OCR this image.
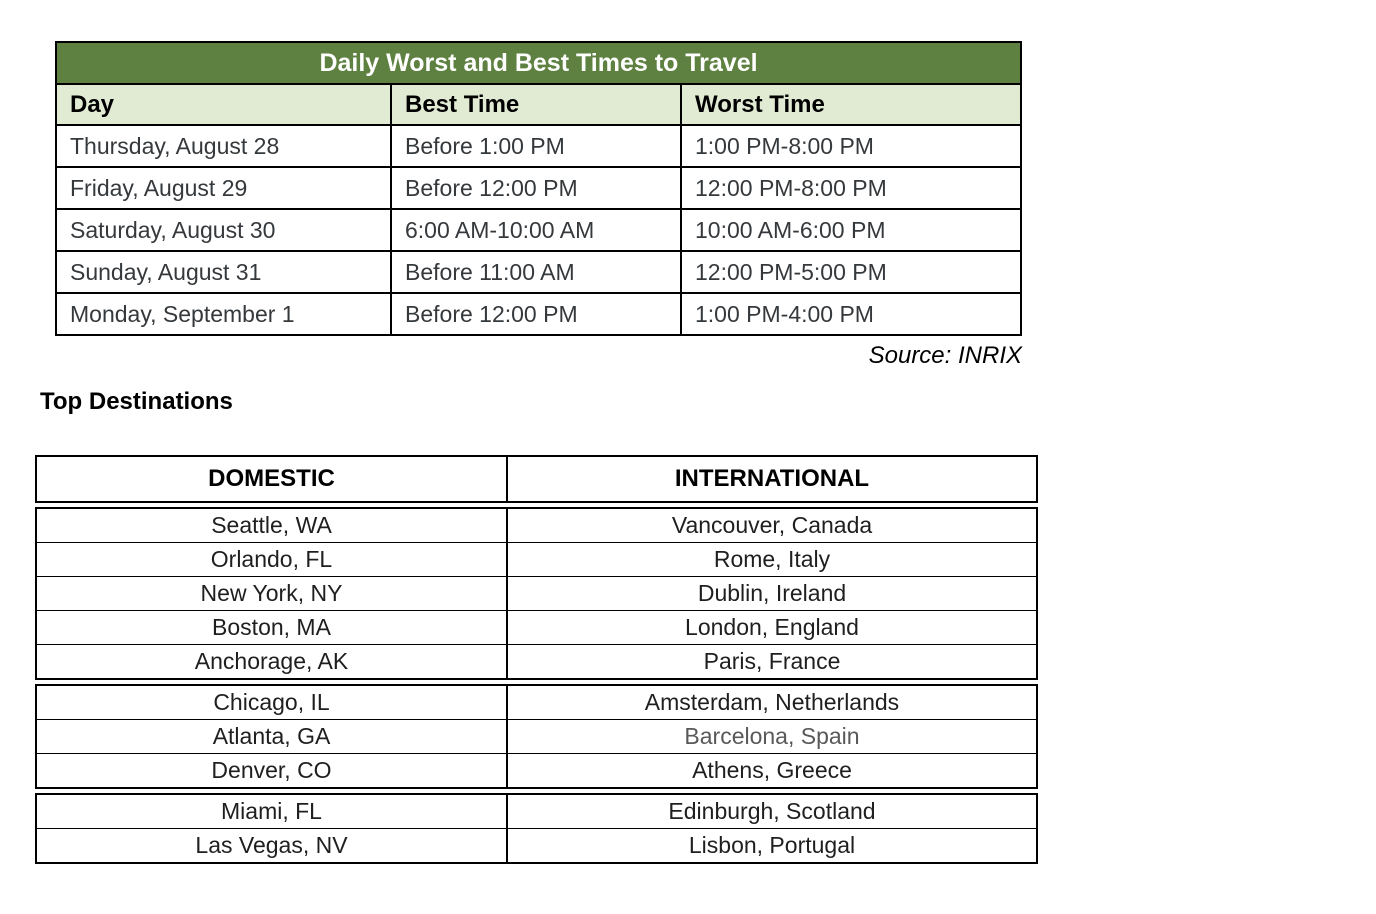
Daily Worst and Best Times to Travel
Day	Best Time	Worst Time
Thursday, August 28	Before 1:00 PM	1:00 PM-8:00 PM
Friday, August 29	Before 12:00 PM	12:00 PM-8:00 PM
Saturday, August 30	6:00 AM-10:00 AM	10:00 AM-6:00 PM
Sunday, August 31	Before 11:00 AM	12:00 PM-5:00 PM
Monday, September 1	Before 12:00 PM	1:00 PM-4:00 PM
Source: INRIX
Top Destinations
DOMESTIC	INTERNATIONAL
Seattle, WA	Vancouver, Canada
Orlando, FL	Rome, Italy
New York, NY	Dublin, Ireland
Boston, MA	London, England
Anchorage, AK	Paris, France
Chicago, IL	Amsterdam, Netherlands
Atlanta, GA	Barcelona, Spain
Denver, CO	Athens, Greece
Miami, FL	Edinburgh, Scotland
Las Vegas, NV	Lisbon, Portugal
